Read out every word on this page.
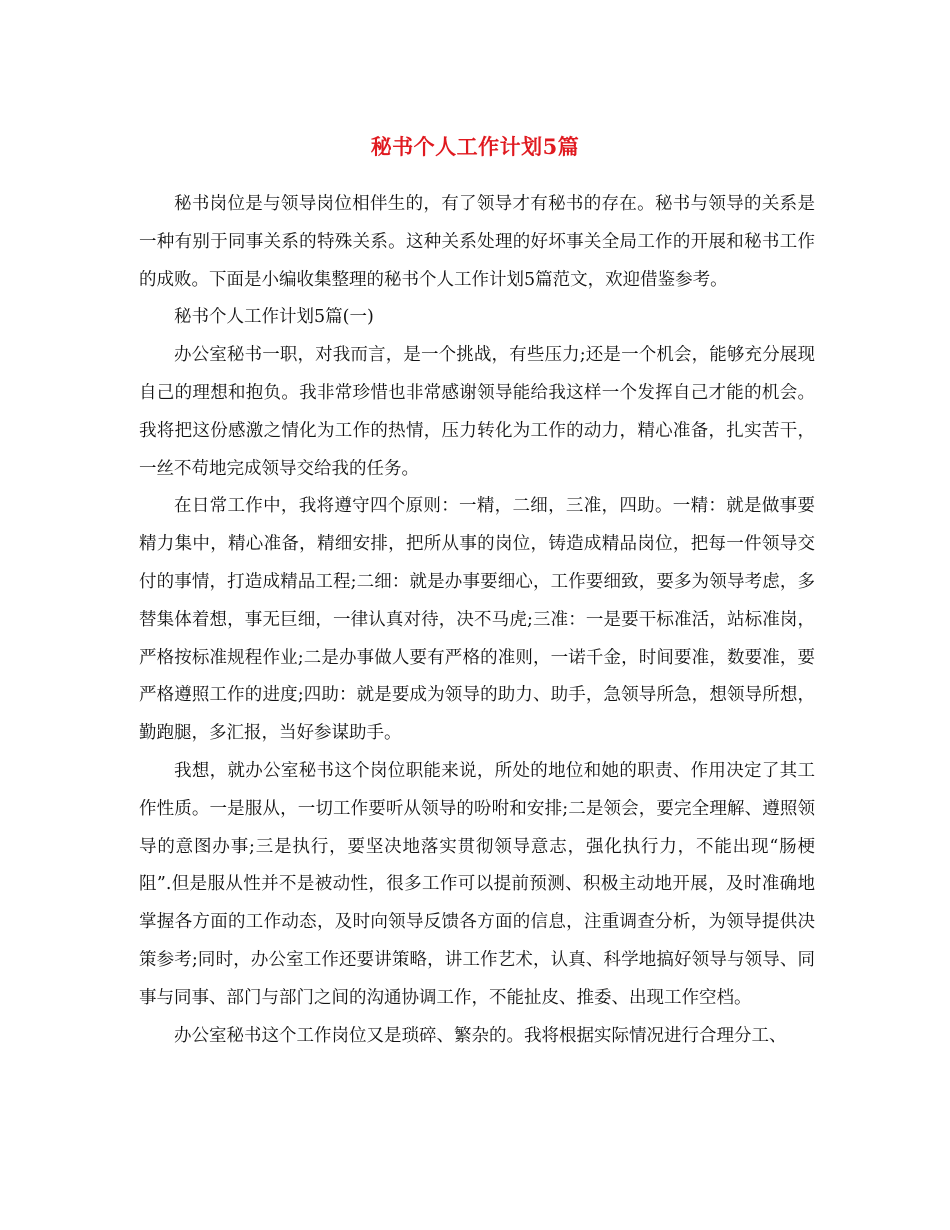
秘书个人工作计划5篇

秘书岗位是与领导岗位相伴生的，有了领导才有秘书的存在。秘书与领导的关系是一种有别于同事关系的特殊关系。这种关系处理的好坏事关全局工作的开展和秘书工作的成败。下面是小编收集整理的秘书个人工作计划5篇范文，欢迎借鉴参考。

秘书个人工作计划5篇(一)

办公室秘书一职，对我而言，是一个挑战，有些压力;还是一个机会，能够充分展现自己的理想和抱负。我非常珍惜也非常感谢领导能给我这样一个发挥自己才能的机会。我将把这份感激之情化为工作的热情，压力转化为工作的动力，精心准备，扎实苦干，一丝不苟地完成领导交给我的任务。

在日常工作中，我将遵守四个原则：一精，二细，三准，四助。一精：就是做事要精力集中，精心准备，精细安排，把所从事的岗位，铸造成精品岗位，把每一件领导交付的事情，打造成精品工程;二细：就是办事要细心，工作要细致，要多为领导考虑，多替集体着想，事无巨细，一律认真对待，决不马虎;三准：一是要干标准活，站标准岗，严格按标准规程作业;二是办事做人要有严格的准则，一诺千金，时间要准，数要准，要严格遵照工作的进度;四助：就是要成为领导的助力、助手，急领导所急，想领导所想，勤跑腿，多汇报，当好参谋助手。

我想，就办公室秘书这个岗位职能来说，所处的地位和她的职责、作用决定了其工作性质。一是服从，一切工作要听从领导的吩咐和安排;二是领会，要完全理解、遵照领导的意图办事;三是执行，要坚决地落实贯彻领导意志，强化执行力，不能出现“肠梗阻”.但是服从性并不是被动性，很多工作可以提前预测、积极主动地开展，及时准确地掌握各方面的工作动态，及时向领导反馈各方面的信息，注重调查分析，为领导提供决策参考;同时，办公室工作还要讲策略，讲工作艺术，认真、科学地搞好领导与领导、同事与同事、部门与部门之间的沟通协调工作，不能扯皮、推委、出现工作空档。

办公室秘书这个工作岗位又是琐碎、繁杂的。我将根据实际情况进行合理分工、
